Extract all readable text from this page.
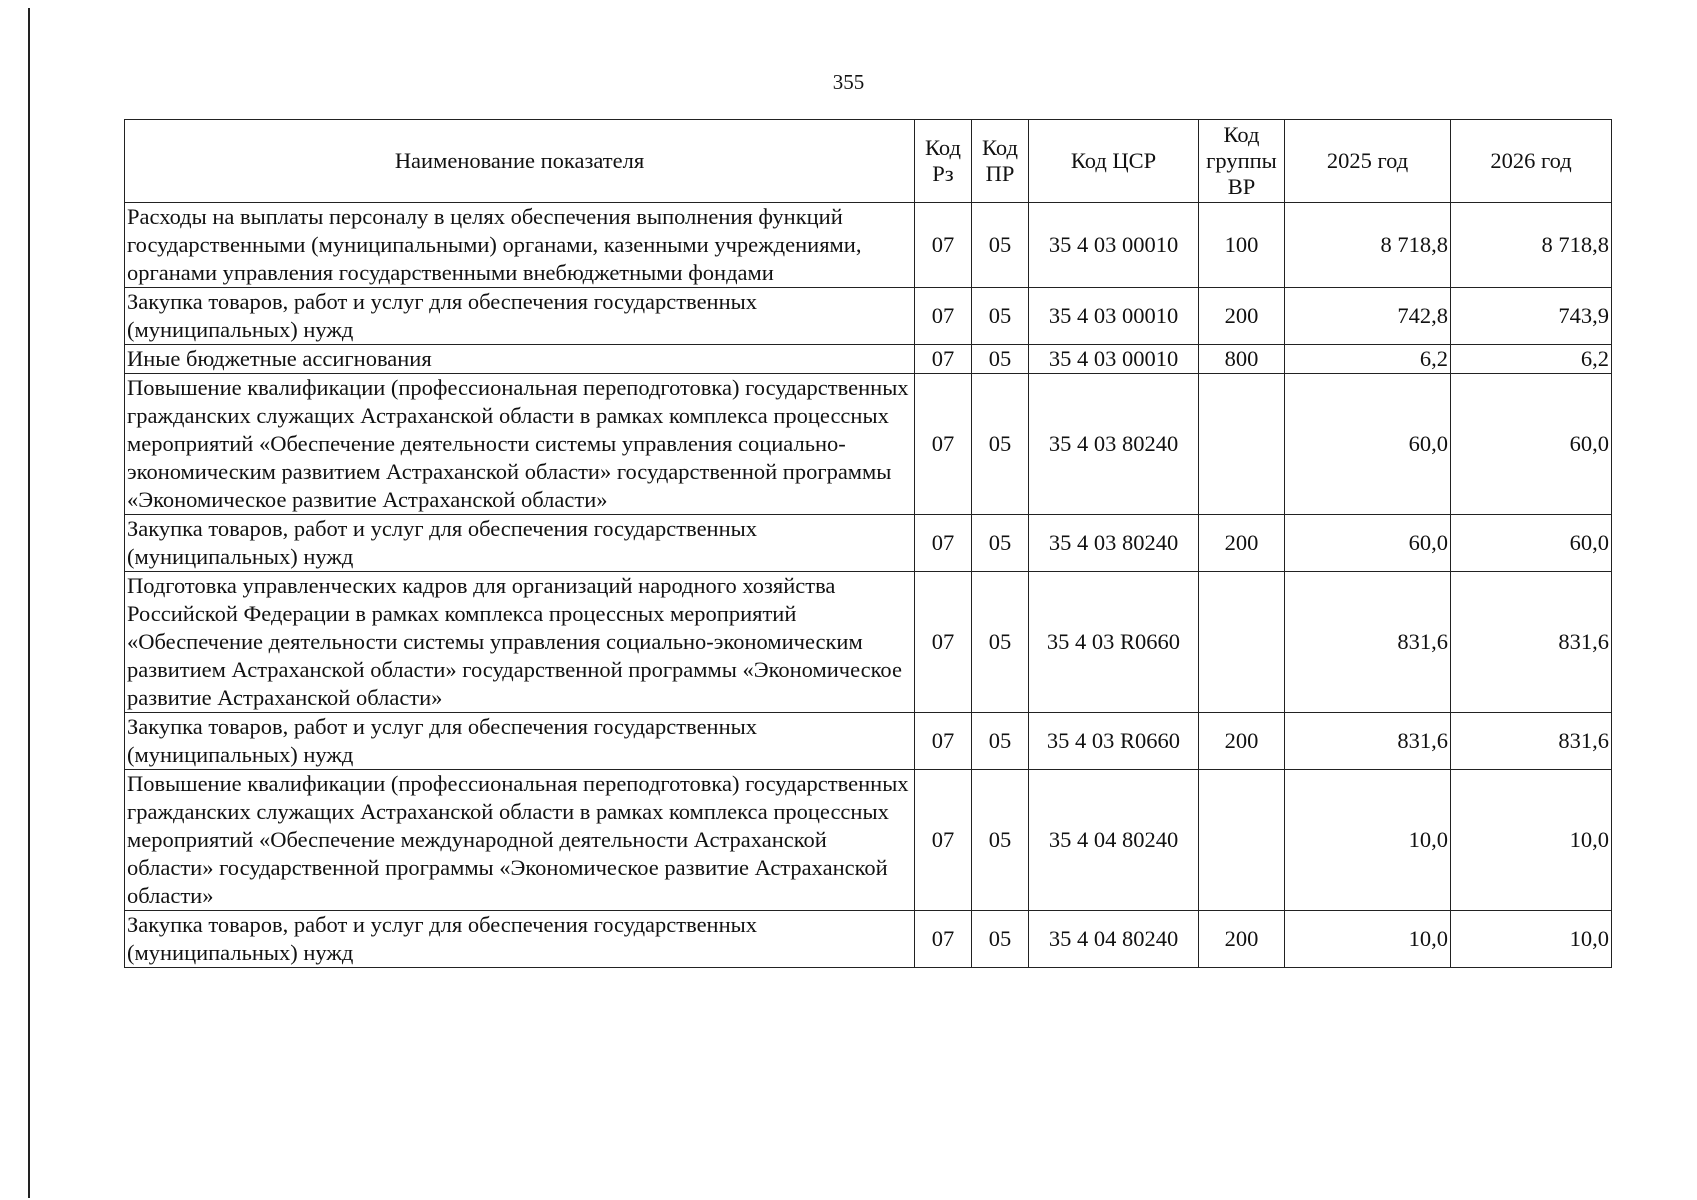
355
Наименование показателя	Код Рз	Код ПР	Код ЦСР	Код группы ВР	2025 год	2026 год
Расходы на выплаты персоналу в целях обеспечения выполнения функций государственными (муниципальными) органами, казенными учреждениями, органами управления государственными внебюджетными фондами	07	05	35 4 03 00010	100	8 718,8	8 718,8
Закупка товаров, работ и услуг для обеспечения государственных (муниципальных) нужд	07	05	35 4 03 00010	200	742,8	743,9
Иные бюджетные ассигнования	07	05	35 4 03 00010	800	6,2	6,2
Повышение квалификации (профессиональная переподготовка) государственных гражданских служащих Астраханской области в рамках комплекса процессных мероприятий «Обеспечение деятельности системы управления социально-экономическим развитием Астраханской области» государственной программы «Экономическое развитие Астраханской области»	07	05	35 4 03 80240		60,0	60,0
Закупка товаров, работ и услуг для обеспечения государственных (муниципальных) нужд	07	05	35 4 03 80240	200	60,0	60,0
Подготовка управленческих кадров для организаций народного хозяйства Российской Федерации в рамках комплекса процессных мероприятий «Обеспечение деятельности системы управления социально-экономическим развитием Астраханской области» государственной программы «Экономическое развитие Астраханской области»	07	05	35 4 03 R0660		831,6	831,6
Закупка товаров, работ и услуг для обеспечения государственных (муниципальных) нужд	07	05	35 4 03 R0660	200	831,6	831,6
Повышение квалификации (профессиональная переподготовка) государственных гражданских служащих Астраханской области в рамках комплекса процессных мероприятий «Обеспечение международной деятельности Астраханской области» государственной программы «Экономическое развитие Астраханской области»	07	05	35 4 04 80240		10,0	10,0
Закупка товаров, работ и услуг для обеспечения государственных (муниципальных) нужд	07	05	35 4 04 80240	200	10,0	10,0
